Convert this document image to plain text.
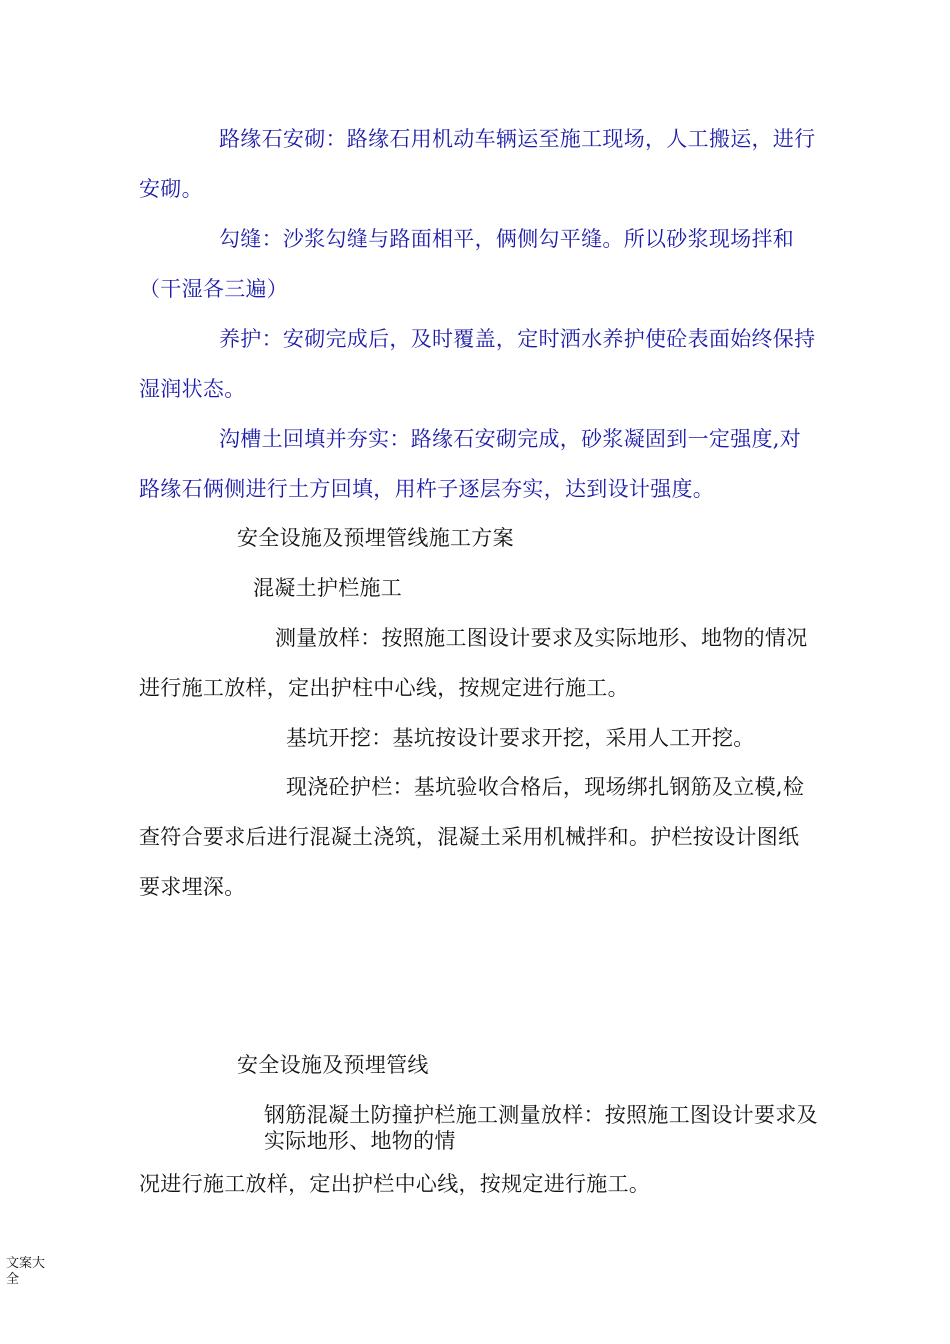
路缘石安砌：路缘石用机动车辆运至施工现场，人工搬运，进行
安砌。
勾缝：沙浆勾缝与路面相平，俩侧勾平缝。所以砂浆现场拌和
（干湿各三遍）
养护：安砌完成后，及时覆盖，定时洒水养护使砼表面始终保持
湿润状态。
沟槽土回填并夯实：路缘石安砌完成，砂浆凝固到一定强度,对
路缘石俩侧进行土方回填，用杵子逐层夯实，达到设计强度。
安全设施及预埋管线施工方案
混凝土护栏施工
测量放样：按照施工图设计要求及实际地形、地物的情况
进行施工放样，定出护柱中心线，按规定进行施工。
基坑开挖：基坑按设计要求开挖，采用人工开挖。
现浇砼护栏：基坑验收合格后，现场绑扎钢筋及立模,检
查符合要求后进行混凝土浇筑，混凝土采用机械拌和。护栏按设计图纸
要求埋深。
安全设施及预埋管线
钢筋混凝土防撞护栏施工测量放样：按照施工图设计要求及
实际地形、地物的情
况进行施工放样，定出护栏中心线，按规定进行施工。
文案大全
